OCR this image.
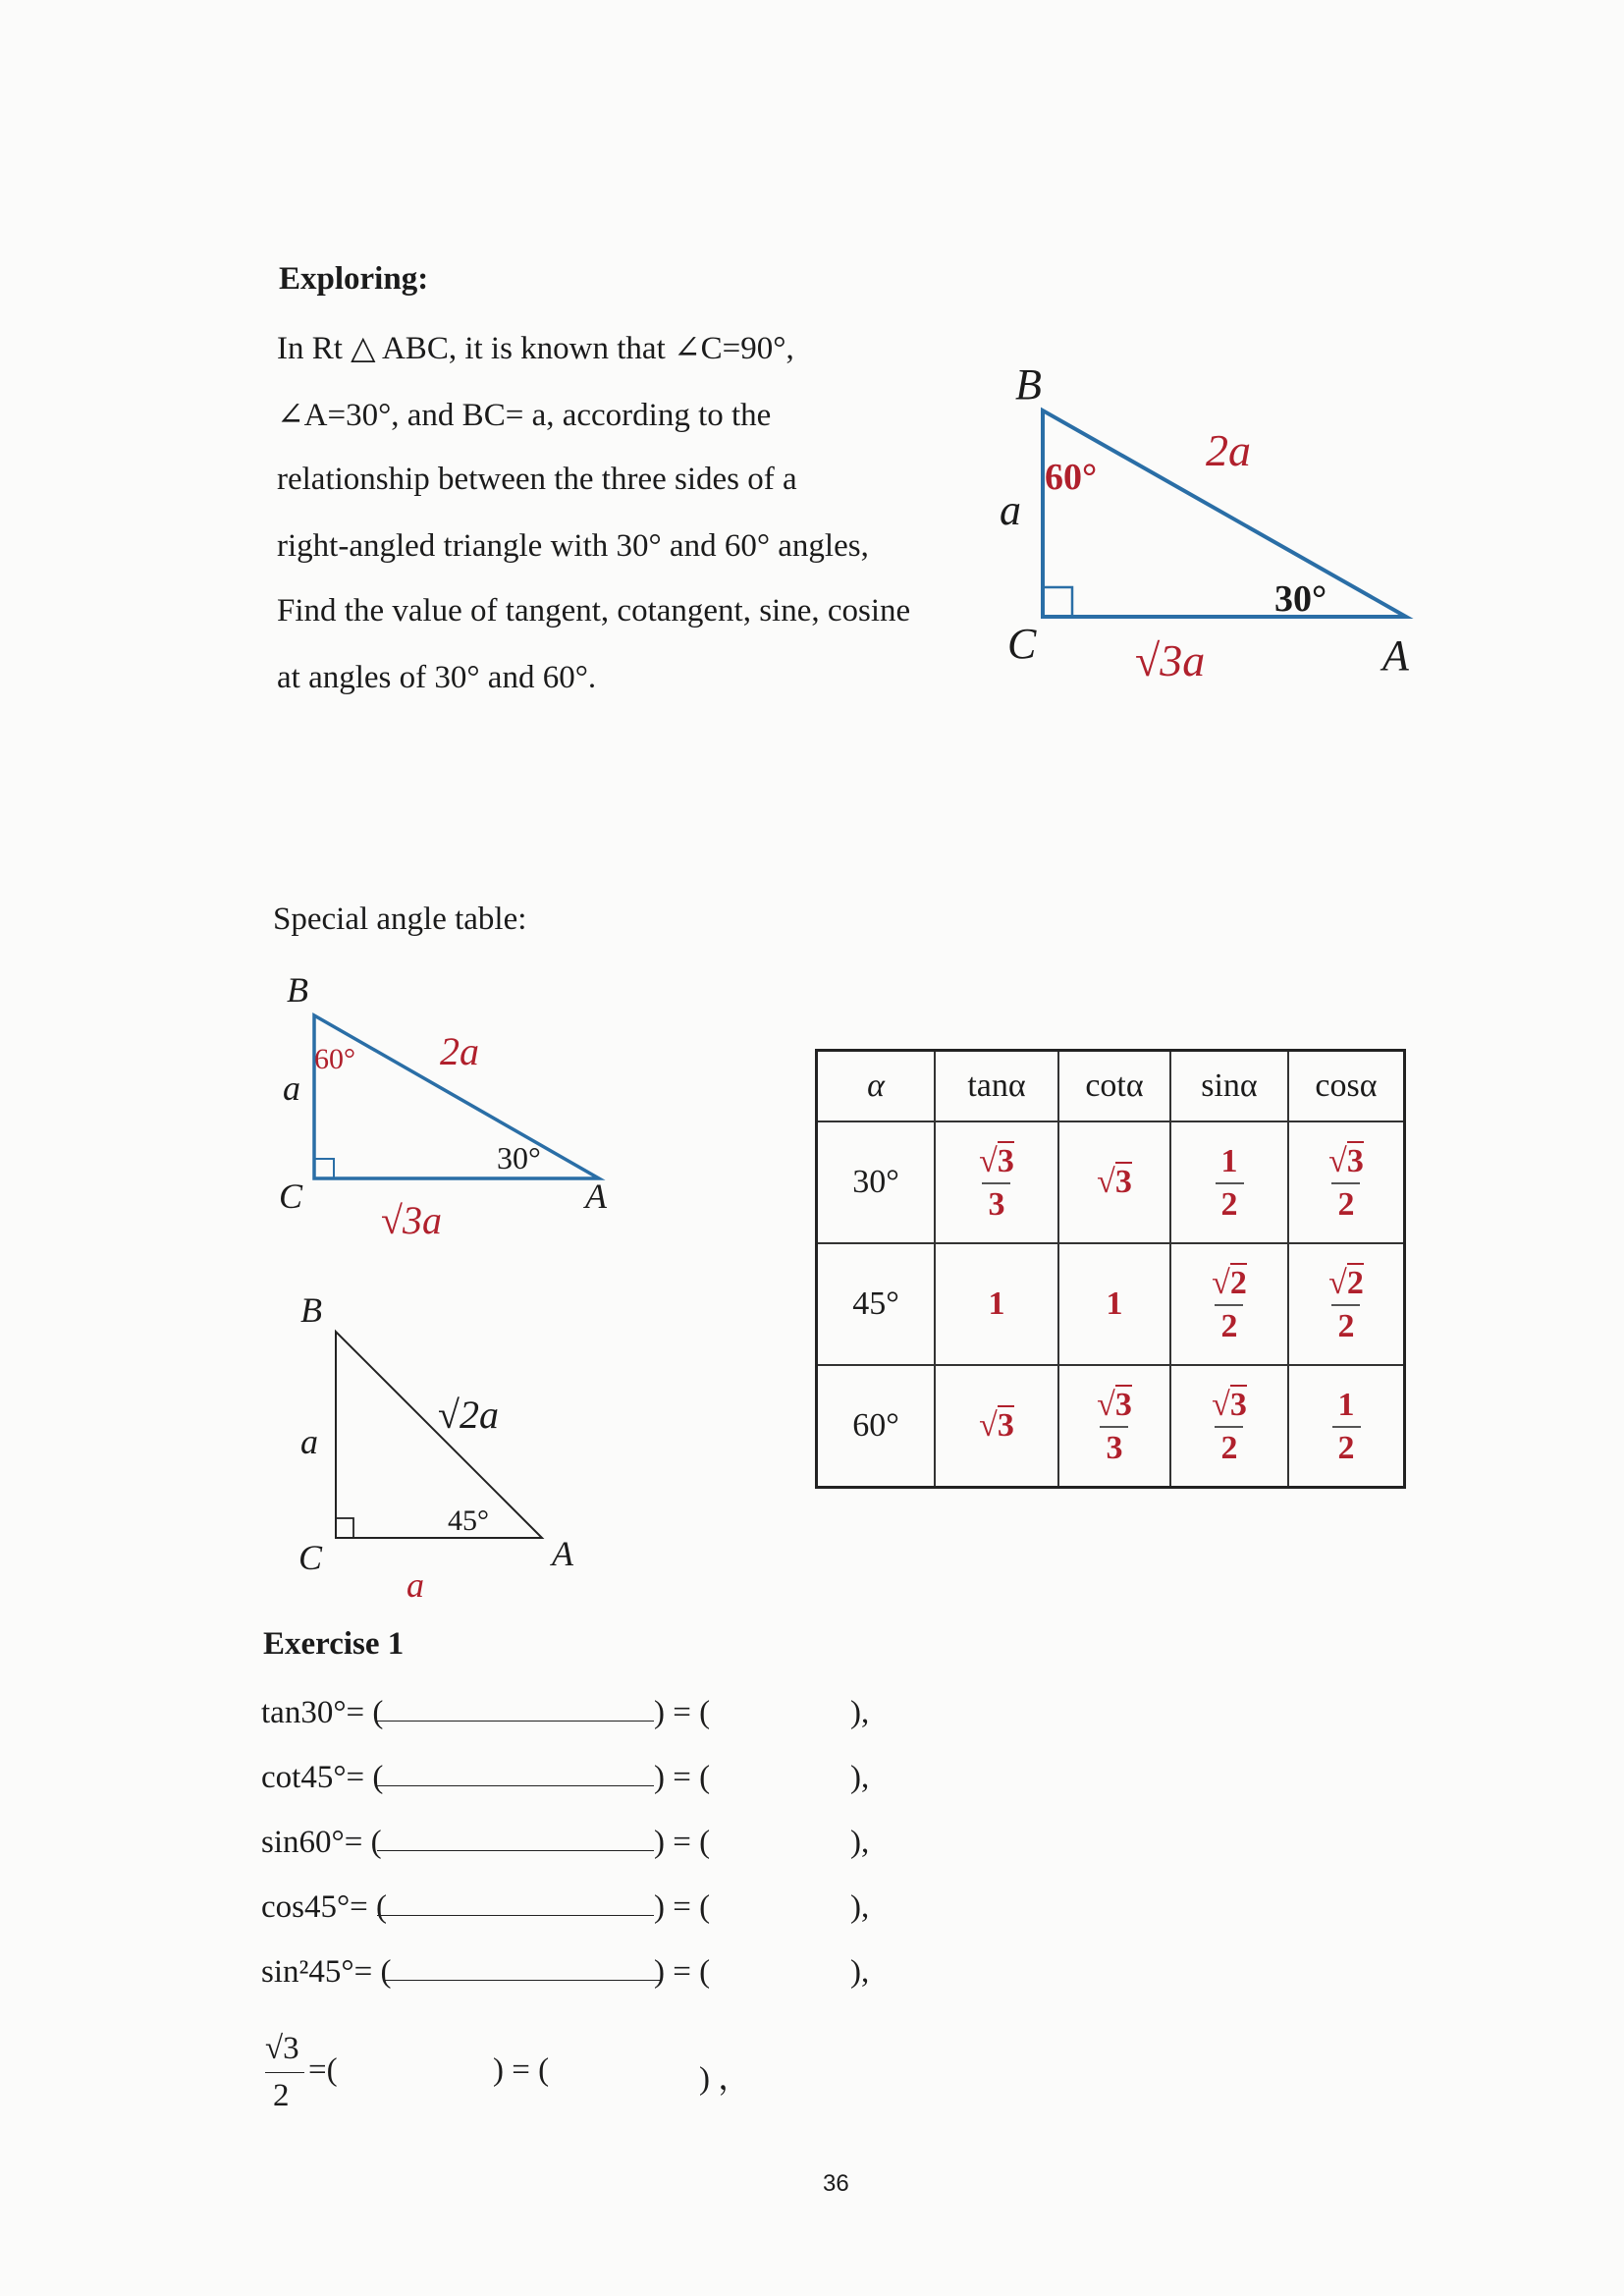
Exploring:
In Rt △ ABC, it is known that ∠C=90°,
∠A=30°, and BC= a, according to the
relationship between the three sides of a
right-angled triangle with 30° and 60° angles,
Find the value of tangent, cotangent, sine, cosine
at angles of 30° and 60°.
B
C	A
a
2a
√3a
60°
30°
Special angle table:
B
C	A
a
2a
√3a
60°
30°
B
C	A
a
√2a
a
45°
α	tanα	cotα	sinα	cosα
30°	$\frac{√3}{3}$	√3	$\frac{1}{2}$	$\frac{√3}{2}$

45°	1	1	$\frac{√2}{2}$	$\frac{√2}{2}$

60°	√3	$\frac{√3}{3}$	$\frac{√3}{2}$	$\frac{1}{2}$
Exercise 1
tan30°= (	) = (	),
cot45°= (	) = (	),
sin60°= (	) = (	),
cos45°= (	) = (	),
sin²45°= (	) = (	),
√3
2
=(	) = (	) ，
36
